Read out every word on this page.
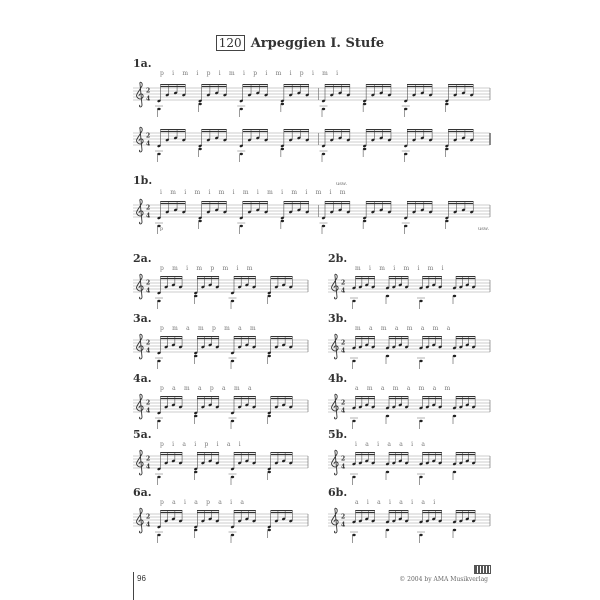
120 Arpeggien I. Stufe
1a.
p i m i p i m i p i m i p i m i
2
4
2
4
1b.
i m i m i m i m i m i m i m i m
2
4
p
usw.
usw.
2a.
p m i m p m i m
2
4
2b.
m i m i m i m i
2
4
3a.
p m a m p m a m
2
4
3b.
m a m a m a m a
2
4
4a.
p a m a p a m a
2
4
4b.
a m a m a m a m
2
4
5a.
p i a i p i a i
2
4
5b.
i a i a a i a
2
4
6a.
p a i a p a i a
2
4
6b.
a i a i a i a i
2
4
96	© 2004 by AMA Musikverlag
